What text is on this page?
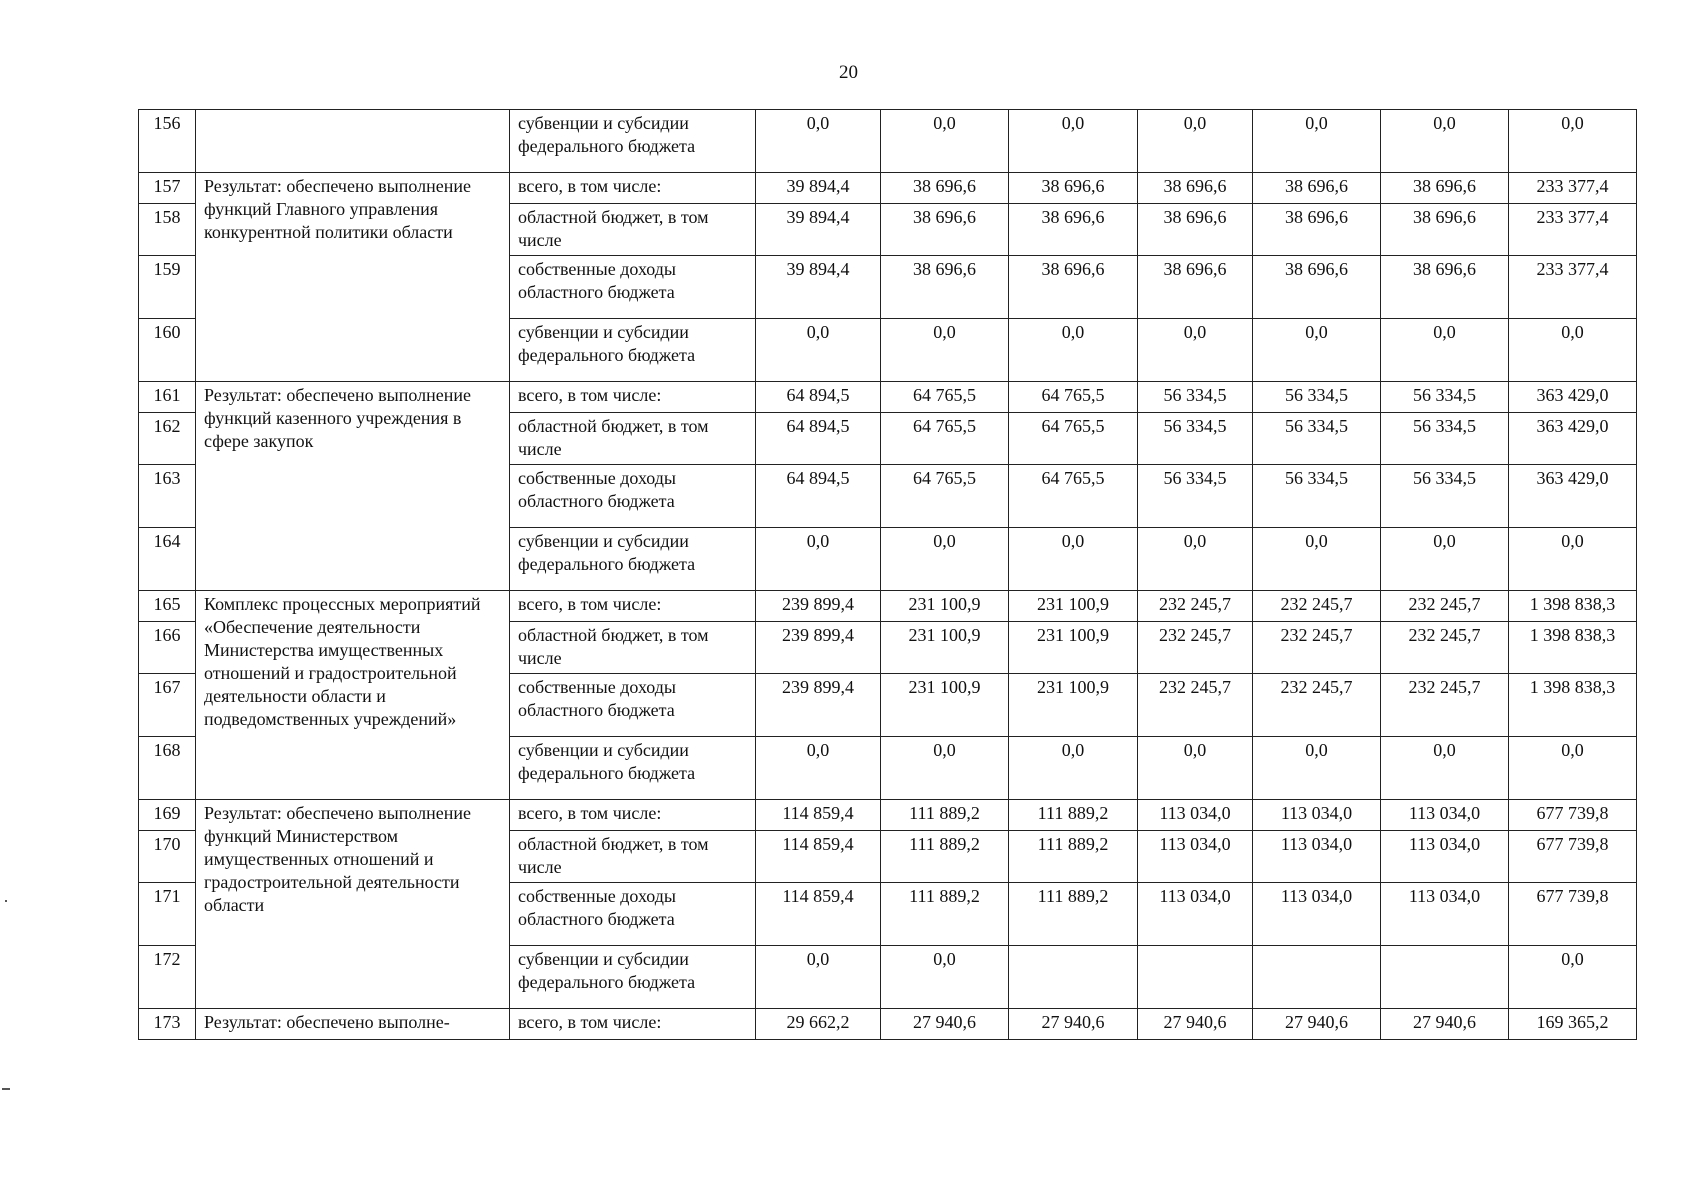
20
156		субвенции и субсидии федерального бюджета	0,0	0,0	0,0	0,0	0,0	0,0	0,0
157	Результат: обеспечено выполнение функций Главного управления конкурентной политики области	всего, в том числе:	39 894,4	38 696,6	38 696,6	38 696,6	38 696,6	38 696,6	233 377,4
158		областной бюджет, в том числе	39 894,4	38 696,6	38 696,6	38 696,6	38 696,6	38 696,6	233 377,4
159		собственные доходы областного бюджета	39 894,4	38 696,6	38 696,6	38 696,6	38 696,6	38 696,6	233 377,4
160		субвенции и субсидии федерального бюджета	0,0	0,0	0,0	0,0	0,0	0,0	0,0
161	Результат: обеспечено выполнение функций казенного учреждения в сфере закупок	всего, в том числе:	64 894,5	64 765,5	64 765,5	56 334,5	56 334,5	56 334,5	363 429,0
162		областной бюджет, в том числе	64 894,5	64 765,5	64 765,5	56 334,5	56 334,5	56 334,5	363 429,0
163		собственные доходы областного бюджета	64 894,5	64 765,5	64 765,5	56 334,5	56 334,5	56 334,5	363 429,0
164		субвенции и субсидии федерального бюджета	0,0	0,0	0,0	0,0	0,0	0,0	0,0
165	Комплекс процессных мероприятий «Обеспечение деятельности Министерства имущественных отношений и градостроительной деятельности области и подведомственных учреждений»	всего, в том числе:	239 899,4	231 100,9	231 100,9	232 245,7	232 245,7	232 245,7	1 398 838,3
166		областной бюджет, в том числе	239 899,4	231 100,9	231 100,9	232 245,7	232 245,7	232 245,7	1 398 838,3
167		собственные доходы областного бюджета	239 899,4	231 100,9	231 100,9	232 245,7	232 245,7	232 245,7	1 398 838,3
168		субвенции и субсидии федерального бюджета	0,0	0,0	0,0	0,0	0,0	0,0	0,0
169	Результат: обеспечено выполнение функций Министерством имущественных отношений и градостроительной деятельности области	всего, в том числе:	114 859,4	111 889,2	111 889,2	113 034,0	113 034,0	113 034,0	677 739,8
170		областной бюджет, в том числе	114 859,4	111 889,2	111 889,2	113 034,0	113 034,0	113 034,0	677 739,8
171		собственные доходы областного бюджета	114 859,4	111 889,2	111 889,2	113 034,0	113 034,0	113 034,0	677 739,8
172		субвенции и субсидии федерального бюджета	0,0	0,0					0,0
173	Результат: обеспечено выполне-	всего, в том числе:	29 662,2	27 940,6	27 940,6	27 940,6	27 940,6	27 940,6	169 365,2
